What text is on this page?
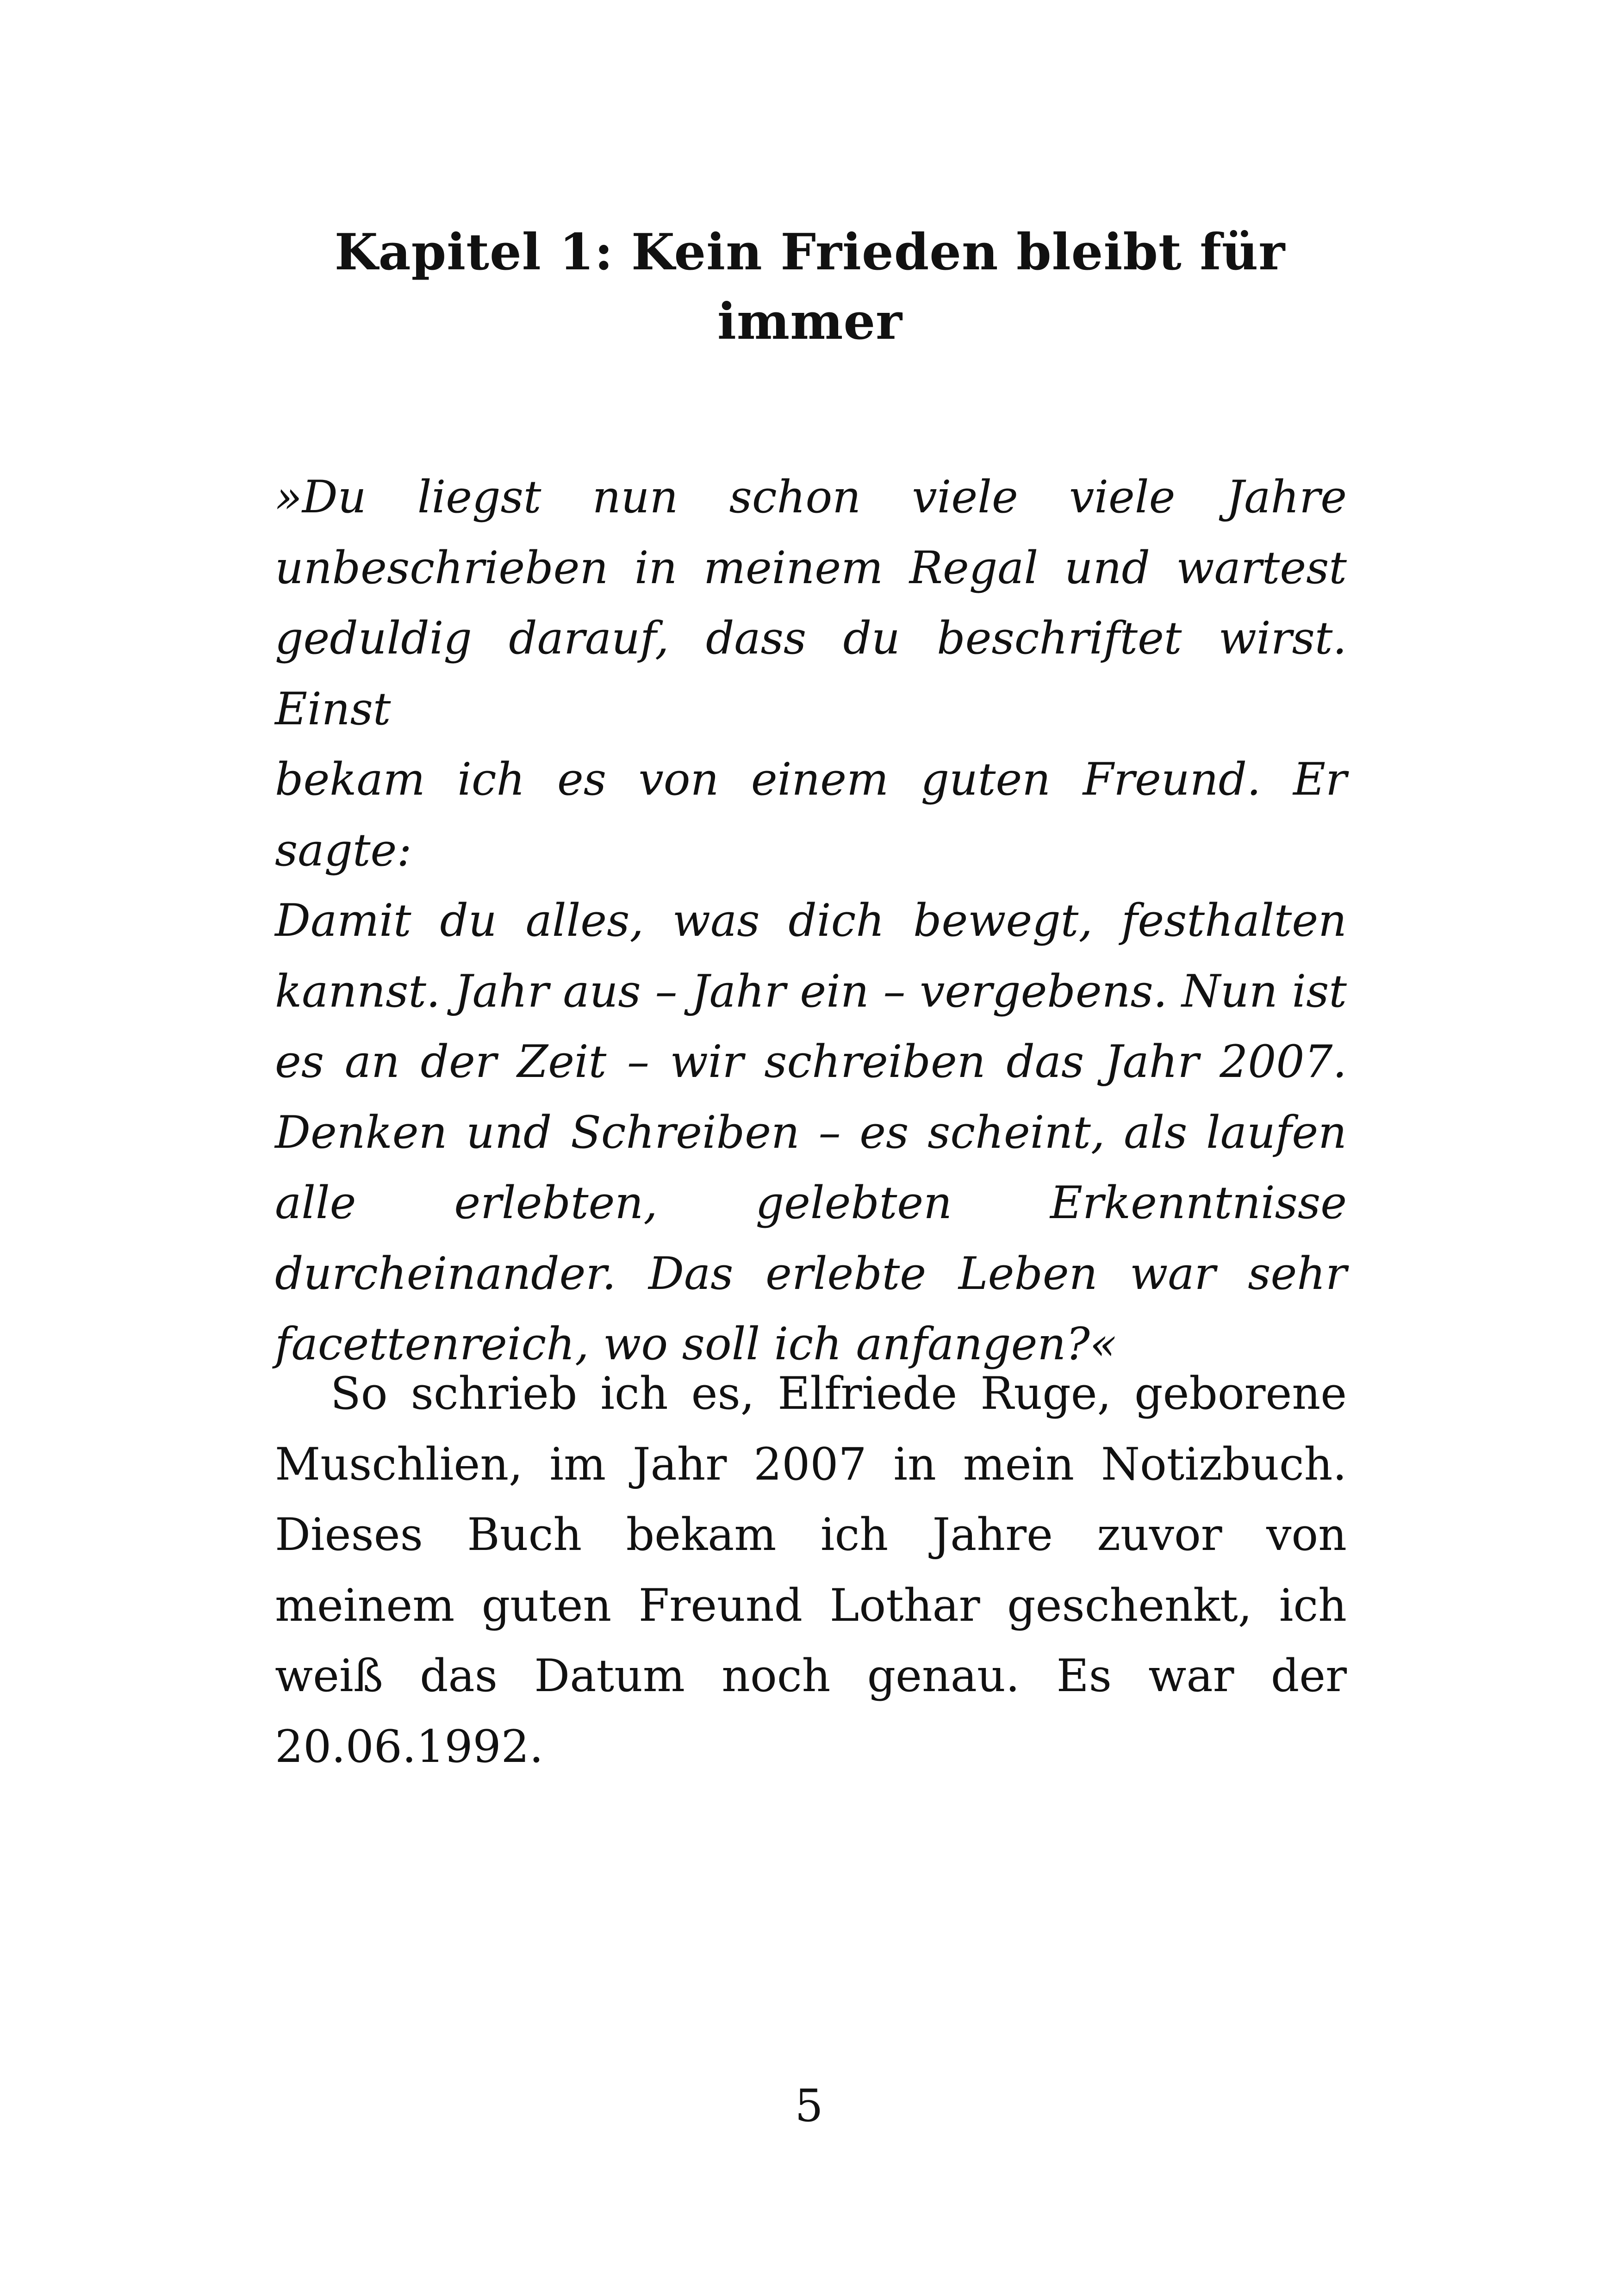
Kapitel 1: Kein Frieden bleibt für
immer

»Du liegst nun schon viele viele Jahre
unbeschrieben in meinem Regal und wartest
geduldig darauf, dass du beschriftet wirst. Einst
bekam ich es von einem guten Freund. Er sagte:
Damit du alles, was dich bewegt, festhalten
kannst. Jahr aus – Jahr ein – vergebens. Nun ist
es an der Zeit – wir schreiben das Jahr 2007.
Denken und Schreiben – es scheint, als laufen
alle erlebten, gelebten Erkenntnisse
durcheinander. Das erlebte Leben war sehr
facettenreich, wo soll ich anfangen?«

So schrieb ich es, Elfriede Ruge, geborene
Muschlien, im Jahr 2007 in mein Notizbuch.
Dieses Buch bekam ich Jahre zuvor von
meinem guten Freund Lothar geschenkt, ich
weiß das Datum noch genau. Es war der
20.06.1992.

5
